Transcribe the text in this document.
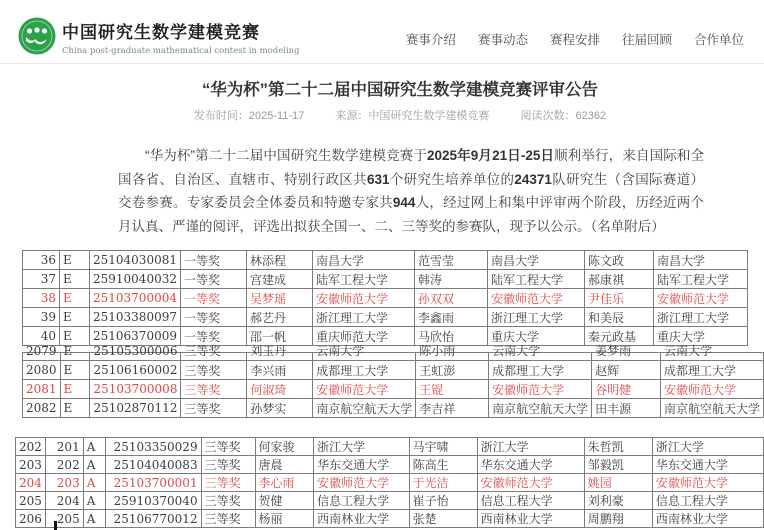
中国研究生数学建模竞赛
China post-graduate mathematical contest in modeling
赛事介绍 赛事动态 赛程安排 往届回顾 合作单位
“华为杯”第二十二届中国研究生数学建模竞赛评审公告
发布时间：2025-11-17	来源：中国研究生数学建模竞赛	阅读次数：62362
“华为杯”第二十二届中国研究生数学建模竞赛于2025年9月21日-25日顺利举行，来自国际和全国各省、自治区、直辖市、特别行政区共631个研究生培养单位的24371队研究生（含国际赛道）交卷参赛。专家委员会全体委员和特邀专家共944人，经过网上和集中评审两个阶段，历经近两个月认真、严谨的阅评，评选出拟获全国一、二、三等奖的参赛队，现予以公示。（名单附后）
36	E	25104030081	一等奖	林添程	南昌大学	范雪莹	南昌大学	陈文政	南昌大学
37	E	25910040032	一等奖	宫建成	陆军工程大学	韩涛	陆军工程大学	郝康祺	陆军工程大学
38	E	25103700004	一等奖	吴梦瑶	安徽师范大学	孙双双	安徽师范大学	尹佳乐	安徽师范大学
39	E	25103380097	一等奖	郝艺丹	浙江理工大学	李鑫雨	浙江理工大学	和美辰	浙江理工大学
40	E	25106370009	一等奖	邵一帆	重庆师范大学	马欣怡	重庆大学	秦元政基	重庆大学
2079	E	25105300006	三等奖	刘玉丹	云南大学	陈小雨	云南大学	姜梦雨	云南大学

2080	E	25106160002	三等奖	李兴雨	成都理工大学	王虹澎	成都理工大学	赵辉	成都理工大学
2081	E	25103700008	三等奖	何淑琦	安徽师范大学	王锟	安徽师范大学	谷明健	安徽师范大学
2082	E	25102870112	三等奖	孙梦实	南京航空航天大学	李吉祥	南京航空航天大学	田丰源	南京航空航天大学
202	201	A	25103350029	三等奖	何家骏	浙江大学	马宇啸	浙江大学	朱哲凯	浙江大学
203	202	A	25104040083	三等奖	唐晨	华东交通大学	陈高生	华东交通大学	邹毅凯	华东交通大学
204	203	A	25103700001	三等奖	李心雨	安徽师范大学	于光洁	安徽师范大学	姚园	安徽师范大学
205	204	A	25910370040	三等奖	贺健	信息工程大学	崔子怡	信息工程大学	刘利豪	信息工程大学
206	205	A	25106770012	三等奖	杨丽	西南林业大学	张楚	西南林业大学	周鹏翔	西南林业大学
